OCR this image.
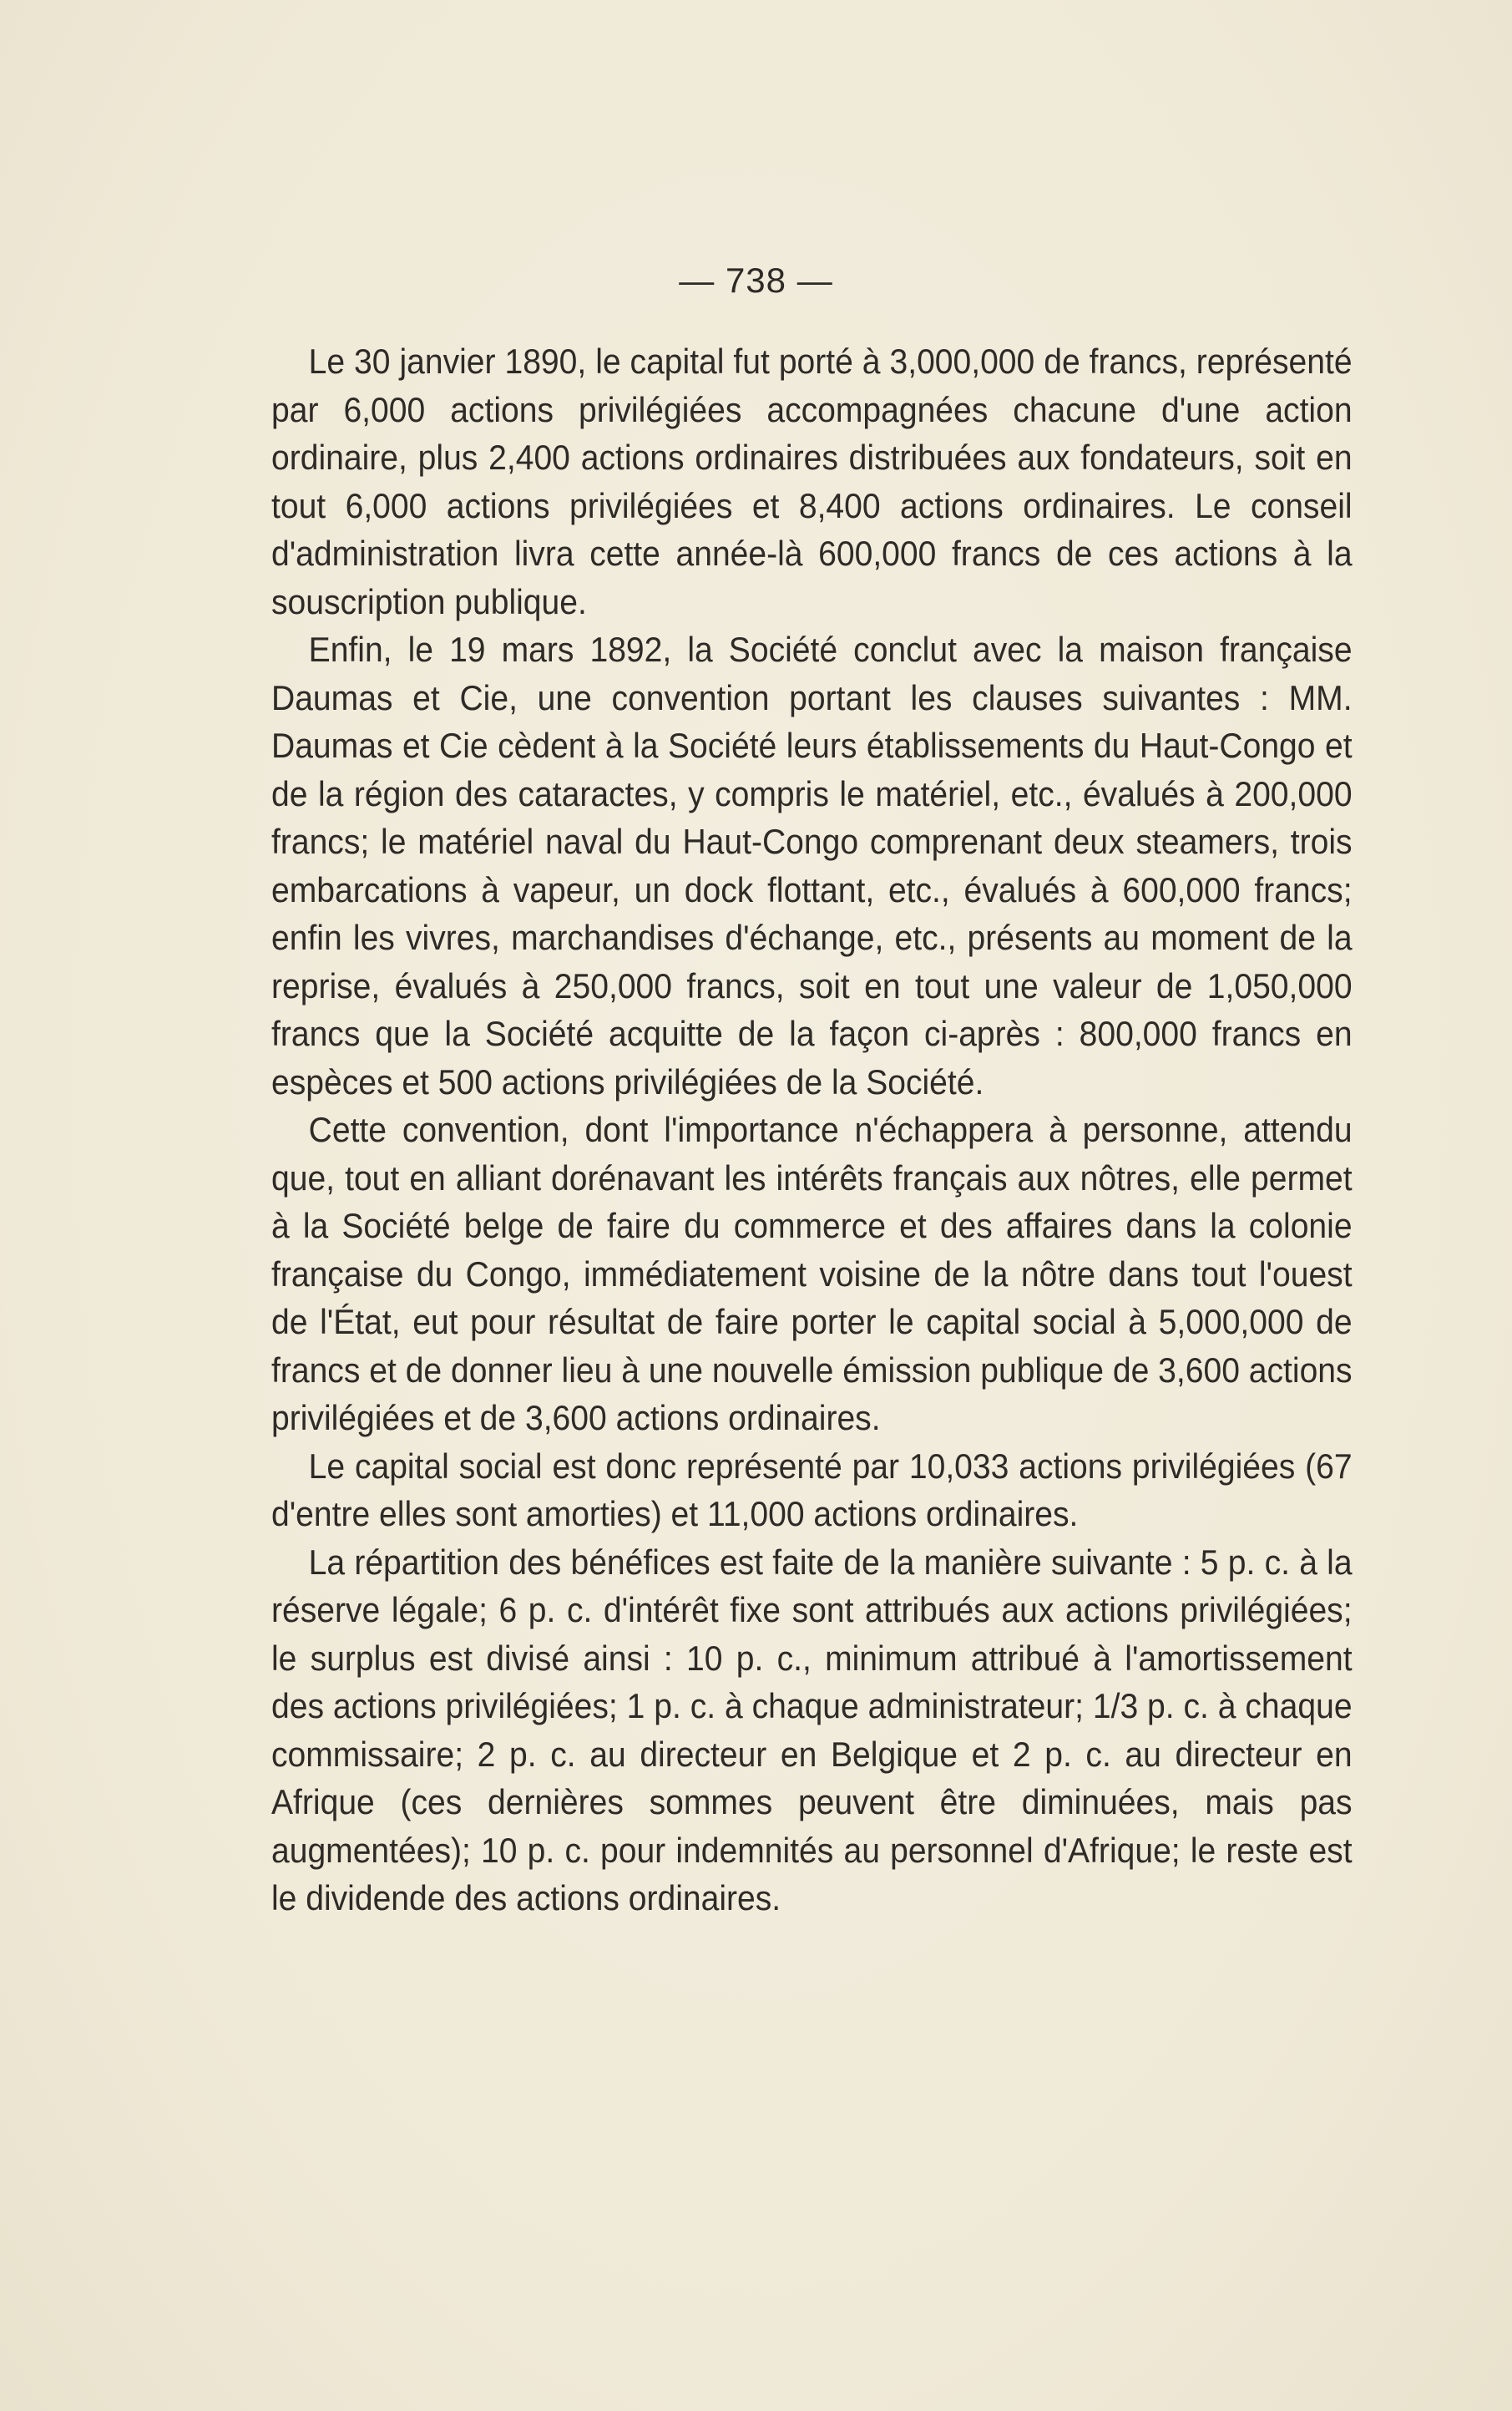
— 738 —

Le 30 janvier 1890, le capital fut porté à 3,000,000 de francs, représenté par 6,000 actions privilégiées accompagnées chacune d'une action ordinaire, plus 2,400 actions ordinaires distribuées aux fondateurs, soit en tout 6,000 actions privilégiées et 8,400 actions ordinaires. Le conseil d'administration livra cette année-là 600,000 francs de ces actions à la souscription publique.

Enfin, le 19 mars 1892, la Société conclut avec la maison française Daumas et Cie, une convention portant les clauses suivantes : MM. Daumas et Cie cèdent à la Société leurs établissements du Haut-Congo et de la région des cataractes, y compris le matériel, etc., évalués à 200,000 francs; le matériel naval du Haut-Congo comprenant deux steamers, trois embarcations à vapeur, un dock flottant, etc., évalués à 600,000 francs; enfin les vivres, marchandises d'échange, etc., présents au moment de la reprise, évalués à 250,000 francs, soit en tout une valeur de 1,050,000 francs que la Société acquitte de la façon ci-après : 800,000 francs en espèces et 500 actions privilégiées de la Société.

Cette convention, dont l'importance n'échappera à personne, attendu que, tout en alliant dorénavant les intérêts français aux nôtres, elle permet à la Société belge de faire du commerce et des affaires dans la colonie française du Congo, immédiatement voisine de la nôtre dans tout l'ouest de l'État, eut pour résultat de faire porter le capital social à 5,000,000 de francs et de donner lieu à une nouvelle émission publique de 3,600 actions privilégiées et de 3,600 actions ordinaires.

Le capital social est donc représenté par 10,033 actions privilégiées (67 d'entre elles sont amorties) et 11,000 actions ordinaires.

La répartition des bénéfices est faite de la manière suivante : 5 p. c. à la réserve légale; 6 p. c. d'intérêt fixe sont attribués aux actions privilégiées; le surplus est divisé ainsi : 10 p. c., minimum attribué à l'amortissement des actions privilégiées; 1 p. c. à chaque administrateur; 1/3 p. c. à chaque commissaire; 2 p. c. au directeur en Belgique et 2 p. c. au directeur en Afrique (ces dernières sommes peuvent être diminuées, mais pas augmentées); 10 p. c. pour indemnités au personnel d'Afrique; le reste est le dividende des actions ordinaires.
